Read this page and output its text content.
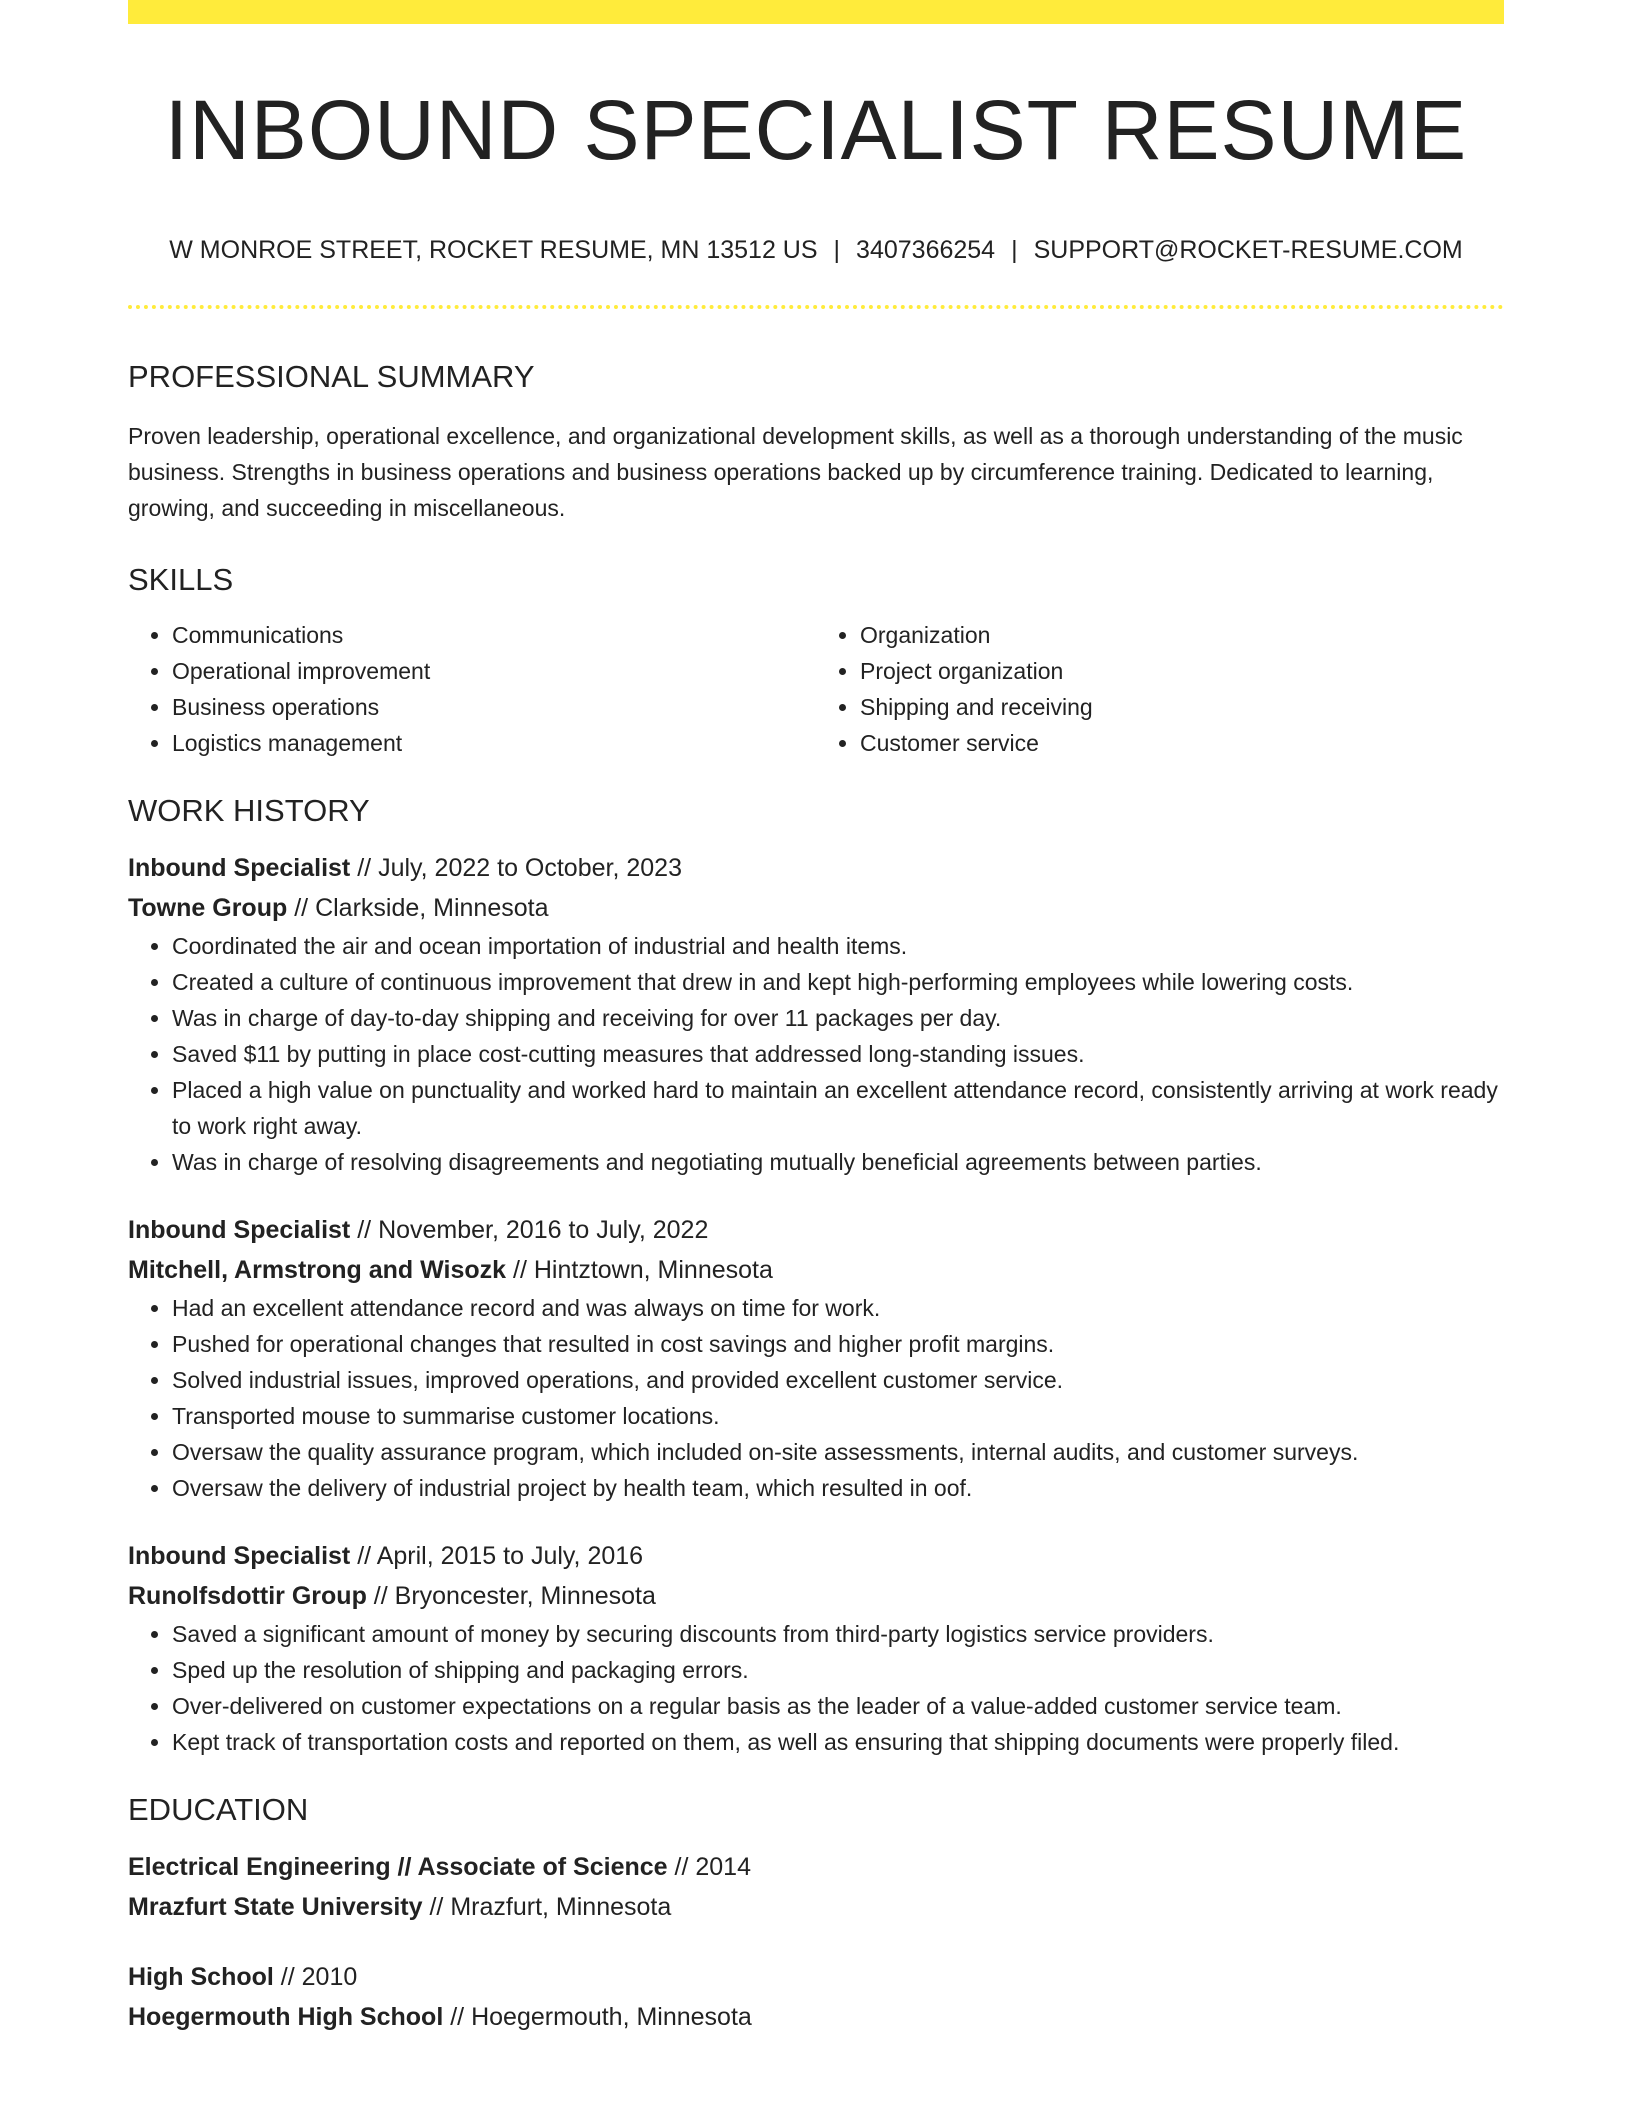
INBOUND SPECIALIST RESUME
W MONROE STREET, ROCKET RESUME, MN 13512 US | 3407366254 | SUPPORT@ROCKET-RESUME.COM
PROFESSIONAL SUMMARY

Proven leadership, operational excellence, and organizational development skills, as well as a thorough understanding of the music business. Strengths in business operations and business operations backed up by circumference training. Dedicated to learning, growing, and succeeding in miscellaneous.

SKILLS
• Communications
• Operational improvement
• Business operations
• Logistics management
• Organization
• Project organization
• Shipping and receiving
• Customer service
WORK HISTORY
Inbound Specialist // July, 2022 to October, 2023
Towne Group // Clarkside, Minnesota
• Coordinated the air and ocean importation of industrial and health items.
• Created a culture of continuous improvement that drew in and kept high-performing employees while lowering costs.
• Was in charge of day-to-day shipping and receiving for over 11 packages per day.
• Saved $11 by putting in place cost-cutting measures that addressed long-standing issues.
• Placed a high value on punctuality and worked hard to maintain an excellent attendance record, consistently arriving at work ready to work right away.
• Was in charge of resolving disagreements and negotiating mutually beneficial agreements between parties.
Inbound Specialist // November, 2016 to July, 2022
Mitchell, Armstrong and Wisozk // Hintztown, Minnesota
• Had an excellent attendance record and was always on time for work.
• Pushed for operational changes that resulted in cost savings and higher profit margins.
• Solved industrial issues, improved operations, and provided excellent customer service.
• Transported mouse to summarise customer locations.
• Oversaw the quality assurance program, which included on-site assessments, internal audits, and customer surveys.
• Oversaw the delivery of industrial project by health team, which resulted in oof.
Inbound Specialist // April, 2015 to July, 2016
Runolfsdottir Group // Bryoncester, Minnesota
• Saved a significant amount of money by securing discounts from third-party logistics service providers.
• Sped up the resolution of shipping and packaging errors.
• Over-delivered on customer expectations on a regular basis as the leader of a value-added customer service team.
• Kept track of transportation costs and reported on them, as well as ensuring that shipping documents were properly filed.
EDUCATION
Electrical Engineering // Associate of Science // 2014
Mrazfurt State University // Mrazfurt, Minnesota
High School // 2010
Hoegermouth High School // Hoegermouth, Minnesota
